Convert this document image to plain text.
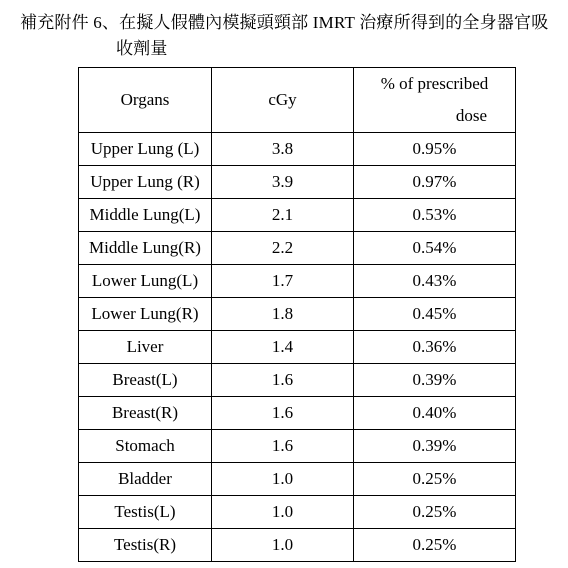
補充附件 6、在擬人假體內模擬頭頸部 IMRT 治療所得到的全身器官吸
收劑量
Organs	cGy	% of prescribed
dose

Upper Lung (L)	3.8	0.95%
Upper Lung (R)	3.9	0.97%
Middle Lung(L)	2.1	0.53%
Middle Lung(R)	2.2	0.54%
Lower Lung(L)	1.7	0.43%
Lower Lung(R)	1.8	0.45%
Liver	1.4	0.36%
Breast(L)	1.6	0.39%
Breast(R)	1.6	0.40%
Stomach	1.6	0.39%
Bladder	1.0	0.25%
Testis(L)	1.0	0.25%
Testis(R)	1.0	0.25%
